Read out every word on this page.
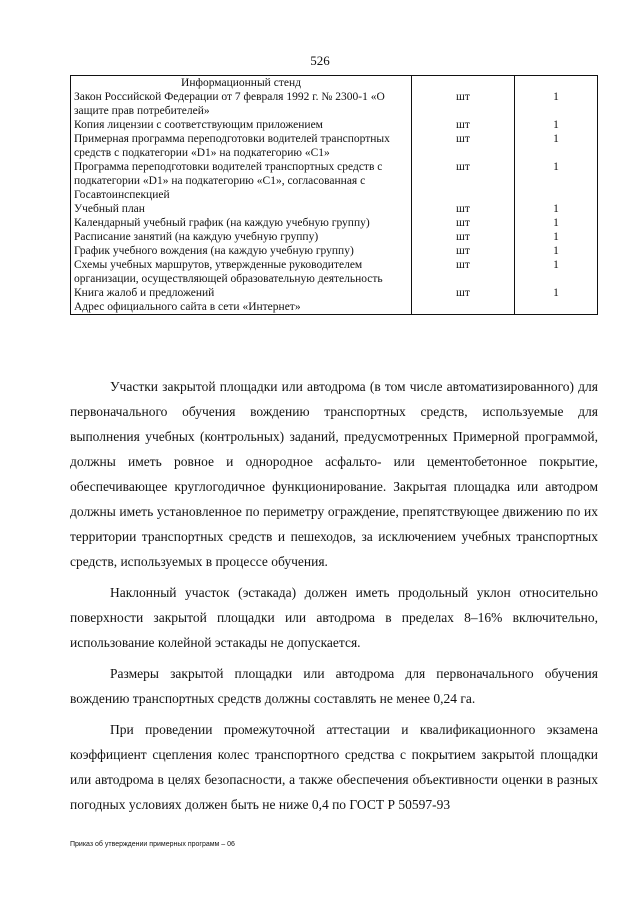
526
Информационный стенд		
Закон Российской Федерации от 7 февраля 1992 г. № 2300-1 «О защите прав потребителей»	шт	1
Копия лицензии с соответствующим приложением	шт	1
Примерная программа переподготовки водителей транспортных средств с подкатегории «D1» на подкатегорию «C1»	шт	1
Программа переподготовки водителей транспортных средств с подкатегории «D1» на подкатегорию «C1», согласованная с Госавтоинспекцией	шт	1
Учебный план	шт	1
Календарный учебный график (на каждую учебную группу)	шт	1
Расписание занятий (на каждую учебную группу)	шт	1
График учебного вождения (на каждую учебную группу)	шт	1
Схемы учебных маршрутов, утвержденные руководителем организации, осуществляющей образовательную деятельность	шт	1
Книга жалоб и предложений	шт	1
Адрес официального сайта в сети «Интернет»		

Участки закрытой площадки или автодрома (в том числе автоматизированного) для первоначального обучения вождению транспортных средств, используемые для выполнения учебных (контрольных) заданий, предусмотренных Примерной программой, должны иметь ровное и однородное асфальто- или цементобетонное покрытие, обеспечивающее круглогодичное функционирование. Закрытая площадка или автодром должны иметь установленное по периметру ограждение, препятствующее движению по их территории транспортных средств и пешеходов, за исключением учебных транспортных средств, используемых в процессе обучения.

Наклонный участок (эстакада) должен иметь продольный уклон относительно поверхности закрытой площадки или автодрома в пределах 8–16% включительно, использование колейной эстакады не допускается.

Размеры закрытой площадки или автодрома для первоначального обучения вождению транспортных средств должны составлять не менее 0,24 га.

При проведении промежуточной аттестации и квалификационного экзамена коэффициент сцепления колес транспортного средства с покрытием закрытой площадки или автодрома в целях безопасности, а также обеспечения объективности оценки в разных погодных условиях должен быть не ниже 0,4 по ГОСТ Р 50597-93

Приказ об утверждении примерных программ – 06
